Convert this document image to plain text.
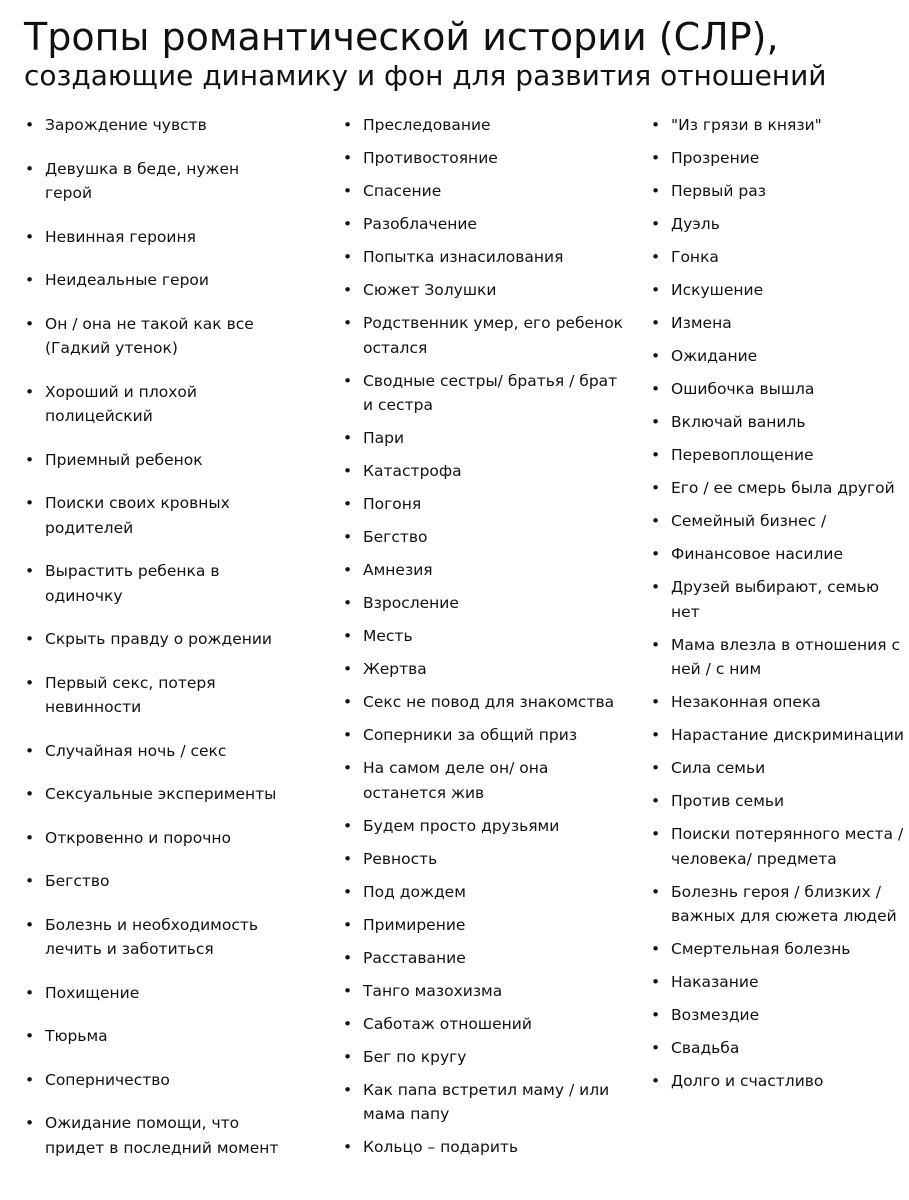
Тропы романтической истории (СЛР),
создающие динамику и фон для развития отношений
• Зарождение чувств
• Девушка в беде, нужен герой
• Невинная героиня
• Неидеальные герои
• Он / она не такой как все (Гадкий утенок)
• Хороший и плохой полицейский
• Приемный ребенок
• Поиски своих кровных родителей
• Вырастить ребенка в одиночку
• Скрыть правду о рождении
• Первый секс, потеря невинности
• Случайная ночь / секс
• Сексуальные эксперименты
• Откровенно и порочно
• Бегство
• Болезнь и необходимость лечить и заботиться
• Похищение
• Тюрьма
• Соперничество
• Ожидание помощи, что придет в последний момент
• Преследование
• Противостояние
• Спасение
• Разоблачение
• Попытка изнасилования
• Сюжет Золушки
• Родственник умер, его ребенок остался
• Сводные сестры/ братья / брат и сестра
• Пари
• Катастрофа
• Погоня
• Бегство
• Амнезия
• Взросление
• Месть
• Жертва
• Секс не повод для знакомства
• Соперники за общий приз
• На самом деле он/ она останется жив
• Будем просто друзьями
• Ревность
• Под дождем
• Примирение
• Расставание
• Танго мазохизма
• Саботаж отношений
• Бег по кругу
• Как папа встретил маму / или мама папу
• Кольцо – подарить
• "Из грязи в князи"
• Прозрение
• Первый раз
• Дуэль
• Гонка
• Искушение
• Измена
• Ожидание
• Ошибочка вышла
• Включай ваниль
• Перевоплощение
• Его / ее смерь была другой
• Семейный бизнес /
• Финансовое насилие
• Друзей выбирают, семью нет
• Мама влезла в отношения с ней / с ним
• Незаконная опека
• Нарастание дискриминации
• Сила семьи
• Против семьи
• Поиски потерянного места / человека/ предмета
• Болезнь героя / близких / важных для сюжета людей
• Смертельная болезнь
• Наказание
• Возмездие
• Свадьба
• Долго и счастливо
